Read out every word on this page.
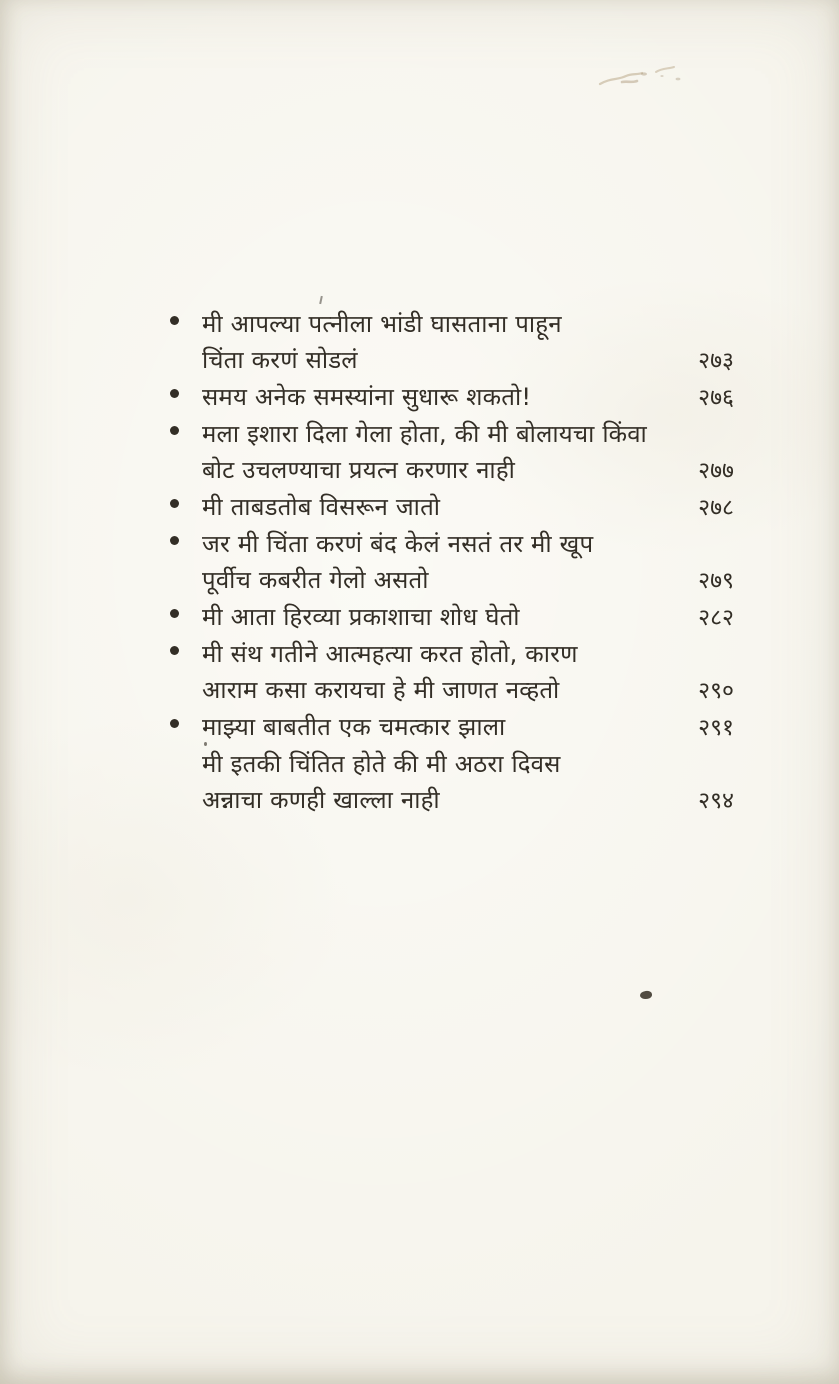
मी आपल्या पत्नीला भांडी घासताना पाहून
चिंता करणं सोडलं	२७३
समय अनेक समस्यांना सुधारू शकतो!	२७६
मला इशारा दिला गेला होता, की मी बोलायचा किंवा
बोट उचलण्याचा प्रयत्न करणार नाही	२७७
मी ताबडतोब विसरून जातो	२७८
जर मी चिंता करणं बंद केलं नसतं तर मी खूप
पूर्वीच कबरीत गेलो असतो	२७९
मी आता हिरव्या प्रकाशाचा शोध घेतो	२८२
मी संथ गतीने आत्महत्या करत होतो, कारण
आराम कसा करायचा हे मी जाणत नव्हतो	२९०
माझ्या बाबतीत एक चमत्कार झाला	२९१
मी इतकी चिंतित होते की मी अठरा दिवस
अन्नाचा कणही खाल्ला नाही	२९४
